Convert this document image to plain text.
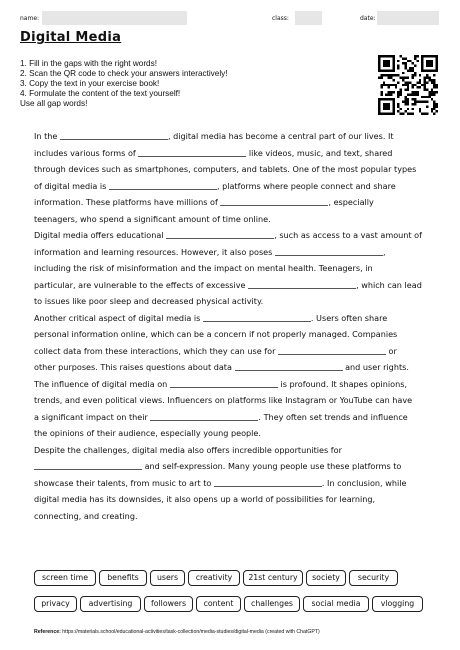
name:	class:	date:
Digital Media
1. Fill in the gaps with the right words!
2. Scan the QR code to check your answers interactively!
3. Copy the text in your exercise book!
4. Formulate the content of the text yourself!
Use all gap words!
In the	, digital media has become a central part of our lives. It
includes various forms of	like videos, music, and text, shared
through devices such as smartphones, computers, and tablets. One of the most popular types
of digital media is	, platforms where people connect and share
information. These platforms have millions of	, especially
teenagers, who spend a significant amount of time online.
Digital media offers educational	, such as access to a vast amount of
information and learning resources. However, it also poses	,
including the risk of misinformation and the impact on mental health. Teenagers, in
particular, are vulnerable to the effects of excessive	, which can lead
to issues like poor sleep and decreased physical activity.
Another critical aspect of digital media is	. Users often share
personal information online, which can be a concern if not properly managed. Companies
collect data from these interactions, which they can use for	or
other purposes. This raises questions about data	and user rights.
The influence of digital media on	is profound. It shapes opinions,
trends, and even political views. Influencers on platforms like Instagram or YouTube can have
a significant impact on their	. They often set trends and influence
the opinions of their audience, especially young people.
Despite the challenges, digital media also offers incredible opportunities for
and self-expression. Many young people use these platforms to
showcase their talents, from music to art to	. In conclusion, while
digital media has its downsides, it also opens up a world of possibilities for learning,
connecting, and creating.
screen time	benefits	users	creativity	21st century	society	security
privacy	advertising	followers	content	challenges	social media	vlogging
Reference: https://materials.school/educational-activities/task-collection/media-studies/digital-media (created with ChatGPT)
